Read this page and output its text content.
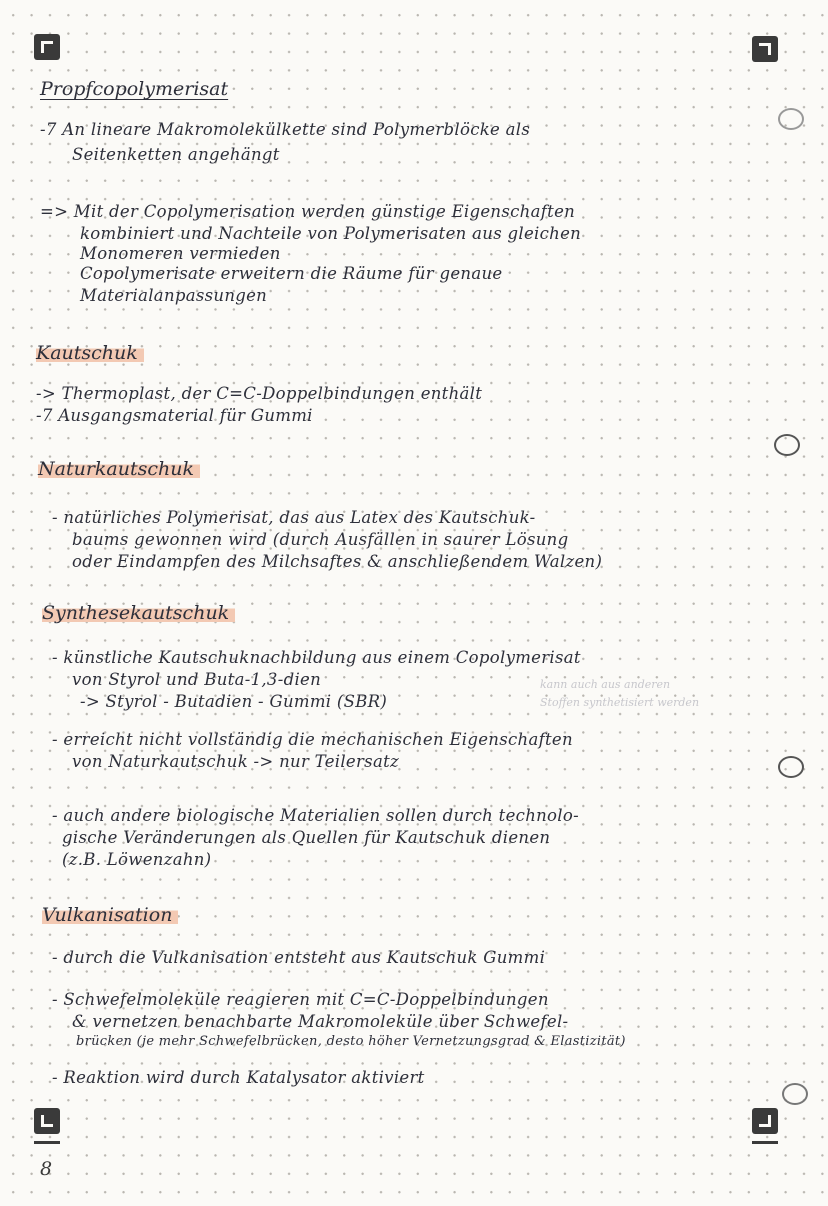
8
Propfcopolymerisat
-7 An lineare Makromolekülkette sind Polymerblöcke als
Seitenketten angehängt
=> Mit der Copolymerisation werden günstige Eigenschaften
kombiniert und Nachteile von Polymerisaten aus gleichen
Monomeren vermieden
Copolymerisate erweitern die Räume für genaue
Materialanpassungen
Kautschuk
-> Thermoplast, der C=C-Doppelbindungen enthält
-7 Ausgangsmaterial für Gummi
Naturkautschuk
- natürliches Polymerisat, das aus Latex des Kautschuk-
baums gewonnen wird (durch Ausfällen in saurer Lösung
oder Eindampfen des Milchsaftes & anschließendem Walzen)
Synthesekautschuk
- künstliche Kautschuknachbildung aus einem Copolymerisat
von Styrol und Buta-1,3-dien
-> Styrol - Butadien - Gummi (SBR)
kann auch aus anderen
Stoffen synthetisiert werden
- erreicht nicht vollständig die mechanischen Eigenschaften
von Naturkautschuk -> nur Teilersatz
- auch andere biologische Materialien sollen durch technolo-
gische Veränderungen als Quellen für Kautschuk dienen
(z.B. Löwenzahn)
Vulkanisation
- durch die Vulkanisation entsteht aus Kautschuk Gummi
- Schwefelmoleküle reagieren mit C=C-Doppelbindungen
& vernetzen benachbarte Makromoleküle über Schwefel-
brücken (je mehr Schwefelbrücken, desto höher Vernetzungsgrad & Elastizität)
- Reaktion wird durch Katalysator aktiviert
